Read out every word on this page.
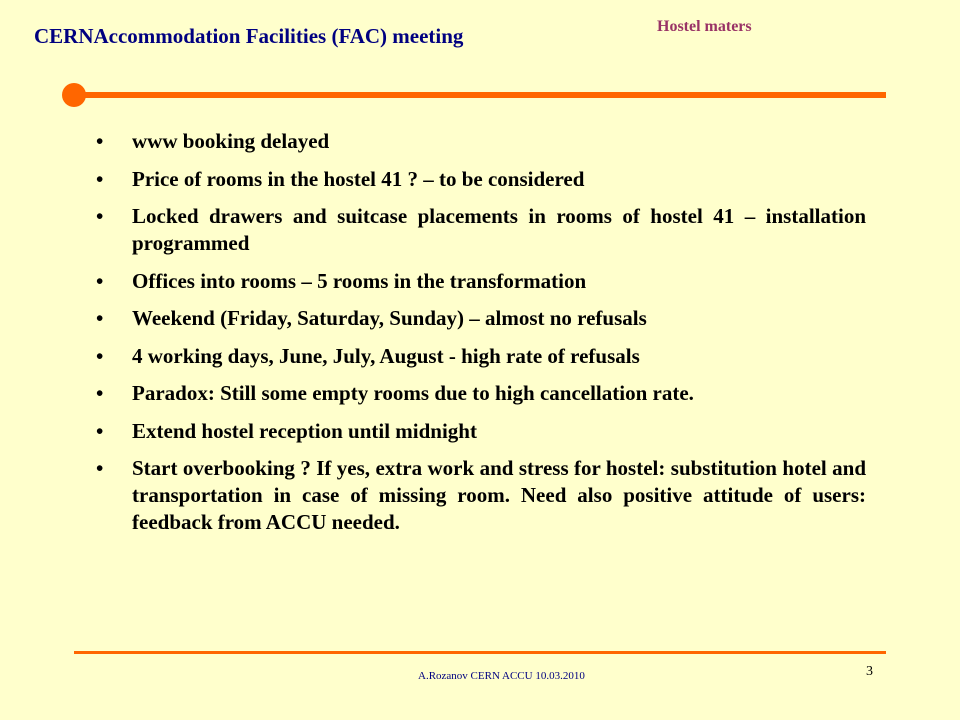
CERNAccommodation Facilities (FAC) meeting	Hostel maters
• www booking delayed
• Price of rooms in the hostel 41 ? – to be considered
• Locked drawers and suitcase placements in rooms of hostel 41 – installation programmed
• Offices into rooms – 5 rooms in the transformation
• Weekend (Friday, Saturday, Sunday) – almost no refusals
• 4 working days, June, July, August - high rate of refusals
• Paradox: Still some empty rooms due to high cancellation rate.
• Extend hostel reception until midnight
• Start overbooking ? If yes, extra work and stress for hostel: substitution hotel and transportation in case of missing room. Need also positive attitude of users: feedback from ACCU needed.
A.Rozanov CERN ACCU 10.03.2010	3
